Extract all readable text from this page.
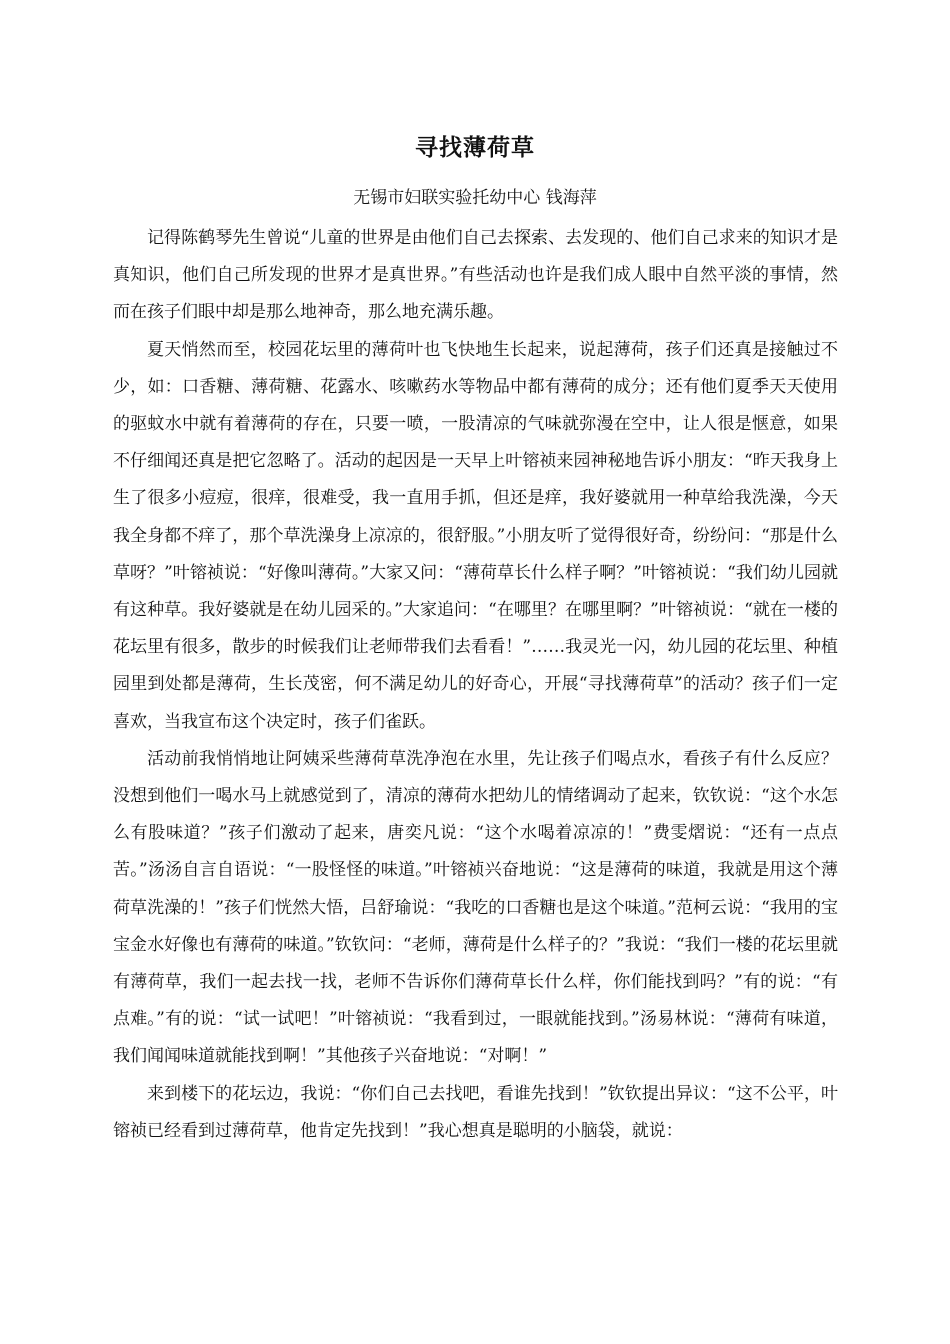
寻找薄荷草
无锡市妇联实验托幼中心 钱海萍

记得陈鹤琴先生曾说“儿童的世界是由他们自己去探索、去发现的、他们自己求来的知识才是真知识，他们自己所发现的世界才是真世界。”有些活动也许是我们成人眼中自然平淡的事情，然而在孩子们眼中却是那么地神奇，那么地充满乐趣。

夏天悄然而至，校园花坛里的薄荷叶也飞快地生长起来，说起薄荷，孩子们还真是接触过不少，如：口香糖、薄荷糖、花露水、咳嗽药水等物品中都有薄荷的成分；还有他们夏季天天使用的驱蚊水中就有着薄荷的存在，只要一喷，一股清凉的气味就弥漫在空中，让人很是惬意，如果不仔细闻还真是把它忽略了。活动的起因是一天早上叶镕祯来园神秘地告诉小朋友：“昨天我身上生了很多小痘痘，很痒，很难受，我一直用手抓，但还是痒，我好婆就用一种草给我洗澡，今天我全身都不痒了，那个草洗澡身上凉凉的，很舒服。”小朋友听了觉得很好奇，纷纷问：“那是什么草呀？”叶镕祯说：“好像叫薄荷。”大家又问：“薄荷草长什么样子啊？”叶镕祯说：“我们幼儿园就有这种草。我好婆就是在幼儿园采的。”大家追问：“在哪里？在哪里啊？”叶镕祯说：“就在一楼的花坛里有很多，散步的时候我们让老师带我们去看看！”……我灵光一闪，幼儿园的花坛里、种植园里到处都是薄荷，生长茂密，何不满足幼儿的好奇心，开展“寻找薄荷草”的活动？孩子们一定喜欢，当我宣布这个决定时，孩子们雀跃。

活动前我悄悄地让阿姨采些薄荷草洗净泡在水里，先让孩子们喝点水，看孩子有什么反应？没想到他们一喝水马上就感觉到了，清凉的薄荷水把幼儿的情绪调动了起来，钦钦说：“这个水怎么有股味道？”孩子们激动了起来，唐奕凡说：“这个水喝着凉凉的！”费雯熠说：“还有一点点苦。”汤汤自言自语说：“一股怪怪的味道。”叶镕祯兴奋地说：“这是薄荷的味道，我就是用这个薄荷草洗澡的！”孩子们恍然大悟，吕舒瑜说：“我吃的口香糖也是这个味道。”范柯云说：“我用的宝宝金水好像也有薄荷的味道。”钦钦问：“老师，薄荷是什么样子的？”我说：“我们一楼的花坛里就有薄荷草，我们一起去找一找，老师不告诉你们薄荷草长什么样，你们能找到吗？”有的说：“有点难。”有的说：“试一试吧！”叶镕祯说：“我看到过，一眼就能找到。”汤易林说：“薄荷有味道，我们闻闻味道就能找到啊！”其他孩子兴奋地说：“对啊！”

来到楼下的花坛边，我说：“你们自己去找吧，看谁先找到！”钦钦提出异议：“这不公平，叶镕祯已经看到过薄荷草，他肯定先找到！”我心想真是聪明的小脑袋，就说：
